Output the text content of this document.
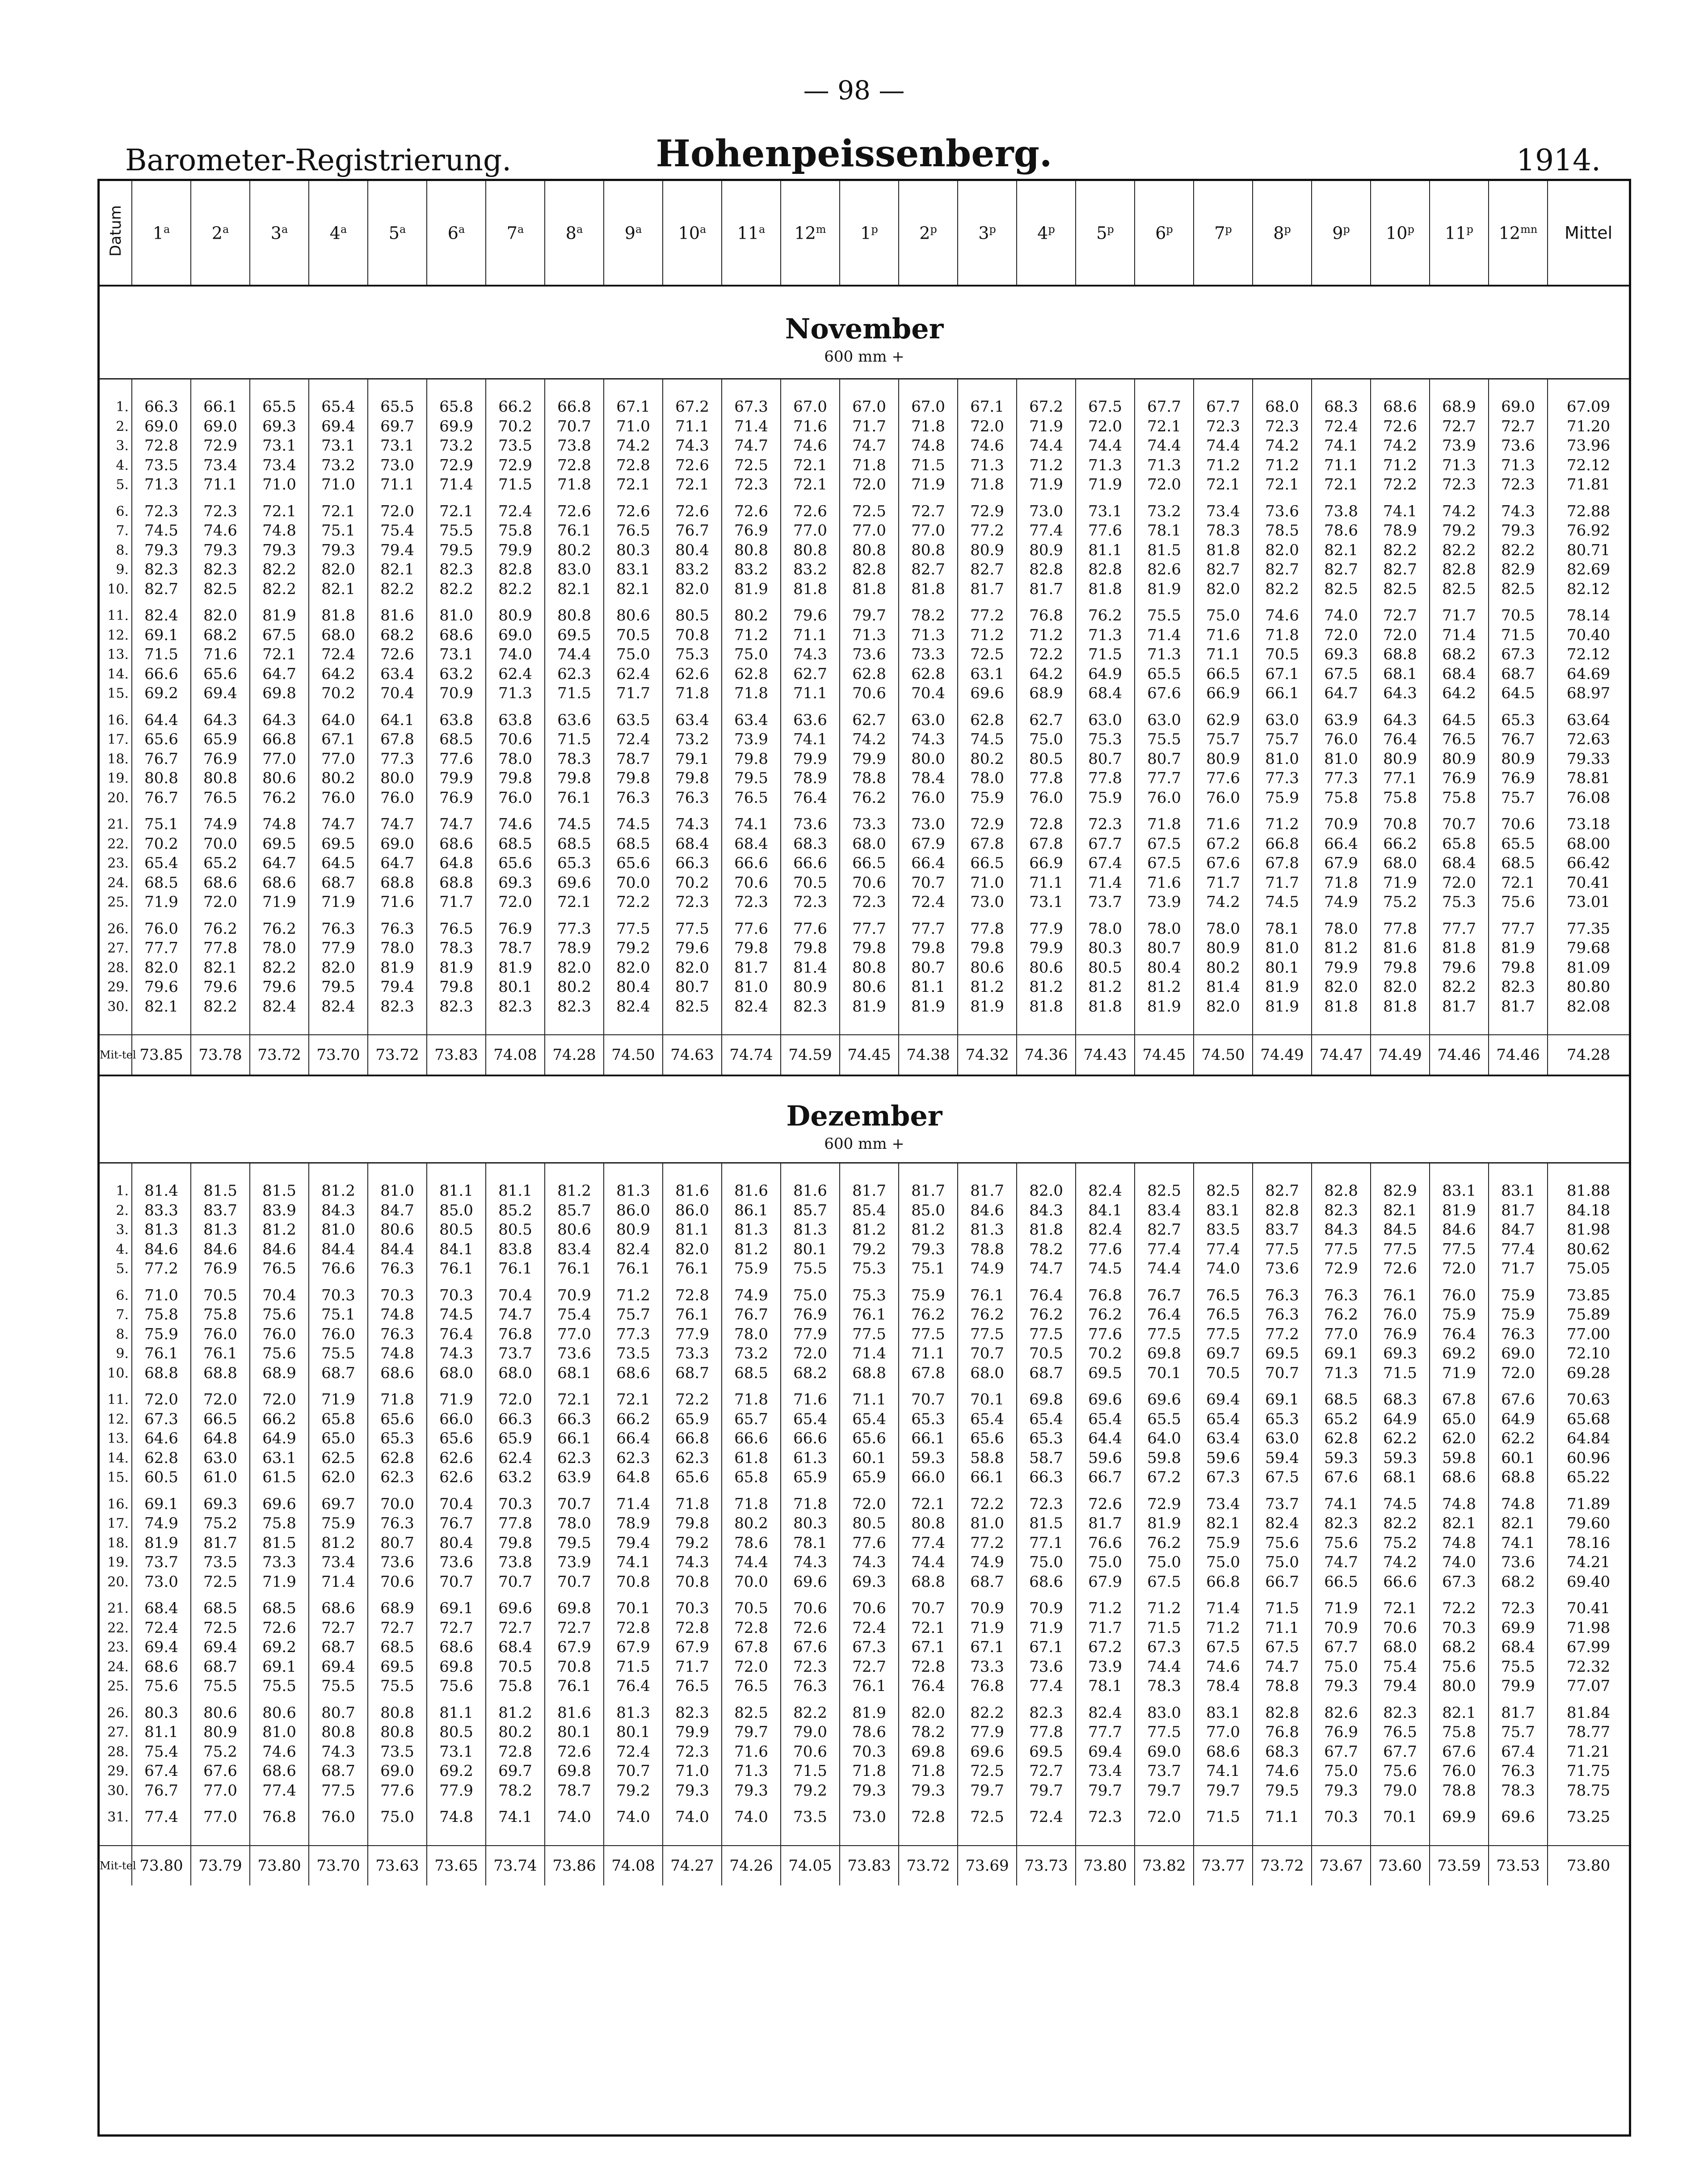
— 98 —
Barometer-Registrierung.	Hohenpeissenberg.	1914.
Datum	1$^a$	2$^a$	3$^a$	4$^a$	5$^a$	6$^a$	7$^a$	8$^a$	9$^a$	10$^a$	11$^a$	12$^m$	1$^p$	2$^p$	3$^p$	4$^p$	5$^p$	6$^p$	7$^p$	8$^p$	9$^p$	10$^p$	11$^p$	$12^{mn}$	Mittel

November
600 mm +																									

1.	66.3	66.1	65.5	65.4	65.5	65.8	66.2	66.8	67.1	67.2	67.3	67.0	67.0	67.0	67.1	67.2	67.5	67.7	67.7	68.0	68.3	68.6	68.9	69.0	67.09
2.	69.0	69.0	69.3	69.4	69.7	69.9	70.2	70.7	71.0	71.1	71.4	71.6	71.7	71.8	72.0	71.9	72.0	72.1	72.3	72.3	72.4	72.6	72.7	72.7	71.20
3.	72.8	72.9	73.1	73.1	73.1	73.2	73.5	73.8	74.2	74.3	74.7	74.6	74.7	74.8	74.6	74.4	74.4	74.4	74.4	74.2	74.1	74.2	73.9	73.6	73.96
4.	73.5	73.4	73.4	73.2	73.0	72.9	72.9	72.8	72.8	72.6	72.5	72.1	71.8	71.5	71.3	71.2	71.3	71.3	71.2	71.2	71.1	71.2	71.3	71.3	72.12
5.	71.3	71.1	71.0	71.0	71.1	71.4	71.5	71.8	72.1	72.1	72.3	72.1	72.0	71.9	71.8	71.9	71.9	72.0	72.1	72.1	72.1	72.2	72.3	72.3	71.81

6.	72.3	72.3	72.1	72.1	72.0	72.1	72.4	72.6	72.6	72.6	72.6	72.6	72.5	72.7	72.9	73.0	73.1	73.2	73.4	73.6	73.8	74.1	74.2	74.3	72.88
7.	74.5	74.6	74.8	75.1	75.4	75.5	75.8	76.1	76.5	76.7	76.9	77.0	77.0	77.0	77.2	77.4	77.6	78.1	78.3	78.5	78.6	78.9	79.2	79.3	76.92
8.	79.3	79.3	79.3	79.3	79.4	79.5	79.9	80.2	80.3	80.4	80.8	80.8	80.8	80.8	80.9	80.9	81.1	81.5	81.8	82.0	82.1	82.2	82.2	82.2	80.71
9.	82.3	82.3	82.2	82.0	82.1	82.3	82.8	83.0	83.1	83.2	83.2	83.2	82.8	82.7	82.7	82.8	82.8	82.6	82.7	82.7	82.7	82.7	82.8	82.9	82.69
10.	82.7	82.5	82.2	82.1	82.2	82.2	82.2	82.1	82.1	82.0	81.9	81.8	81.8	81.8	81.7	81.7	81.8	81.9	82.0	82.2	82.5	82.5	82.5	82.5	82.12

11.	82.4	82.0	81.9	81.8	81.6	81.0	80.9	80.8	80.6	80.5	80.2	79.6	79.7	78.2	77.2	76.8	76.2	75.5	75.0	74.6	74.0	72.7	71.7	70.5	78.14
12.	69.1	68.2	67.5	68.0	68.2	68.6	69.0	69.5	70.5	70.8	71.2	71.1	71.3	71.3	71.2	71.2	71.3	71.4	71.6	71.8	72.0	72.0	71.4	71.5	70.40
13.	71.5	71.6	72.1	72.4	72.6	73.1	74.0	74.4	75.0	75.3	75.0	74.3	73.6	73.3	72.5	72.2	71.5	71.3	71.1	70.5	69.3	68.8	68.2	67.3	72.12
14.	66.6	65.6	64.7	64.2	63.4	63.2	62.4	62.3	62.4	62.6	62.8	62.7	62.8	62.8	63.1	64.2	64.9	65.5	66.5	67.1	67.5	68.1	68.4	68.7	64.69
15.	69.2	69.4	69.8	70.2	70.4	70.9	71.3	71.5	71.7	71.8	71.8	71.1	70.6	70.4	69.6	68.9	68.4	67.6	66.9	66.1	64.7	64.3	64.2	64.5	68.97

16.	64.4	64.3	64.3	64.0	64.1	63.8	63.8	63.6	63.5	63.4	63.4	63.6	62.7	63.0	62.8	62.7	63.0	63.0	62.9	63.0	63.9	64.3	64.5	65.3	63.64
17.	65.6	65.9	66.8	67.1	67.8	68.5	70.6	71.5	72.4	73.2	73.9	74.1	74.2	74.3	74.5	75.0	75.3	75.5	75.7	75.7	76.0	76.4	76.5	76.7	72.63
18.	76.7	76.9	77.0	77.0	77.3	77.6	78.0	78.3	78.7	79.1	79.8	79.9	79.9	80.0	80.2	80.5	80.7	80.7	80.9	81.0	81.0	80.9	80.9	80.9	79.33
19.	80.8	80.8	80.6	80.2	80.0	79.9	79.8	79.8	79.8	79.8	79.5	78.9	78.8	78.4	78.0	77.8	77.8	77.7	77.6	77.3	77.3	77.1	76.9	76.9	78.81
20.	76.7	76.5	76.2	76.0	76.0	76.9	76.0	76.1	76.3	76.3	76.5	76.4	76.2	76.0	75.9	76.0	75.9	76.0	76.0	75.9	75.8	75.8	75.8	75.7	76.08

21.	75.1	74.9	74.8	74.7	74.7	74.7	74.6	74.5	74.5	74.3	74.1	73.6	73.3	73.0	72.9	72.8	72.3	71.8	71.6	71.2	70.9	70.8	70.7	70.6	73.18
22.	70.2	70.0	69.5	69.5	69.0	68.6	68.5	68.5	68.5	68.4	68.4	68.3	68.0	67.9	67.8	67.8	67.7	67.5	67.2	66.8	66.4	66.2	65.8	65.5	68.00
23.	65.4	65.2	64.7	64.5	64.7	64.8	65.6	65.3	65.6	66.3	66.6	66.6	66.5	66.4	66.5	66.9	67.4	67.5	67.6	67.8	67.9	68.0	68.4	68.5	66.42
24.	68.5	68.6	68.6	68.7	68.8	68.8	69.3	69.6	70.0	70.2	70.6	70.5	70.6	70.7	71.0	71.1	71.4	71.6	71.7	71.7	71.8	71.9	72.0	72.1	70.41
25.	71.9	72.0	71.9	71.9	71.6	71.7	72.0	72.1	72.2	72.3	72.3	72.3	72.3	72.4	73.0	73.1	73.7	73.9	74.2	74.5	74.9	75.2	75.3	75.6	73.01

26.	76.0	76.2	76.2	76.3	76.3	76.5	76.9	77.3	77.5	77.5	77.6	77.6	77.7	77.7	77.8	77.9	78.0	78.0	78.0	78.1	78.0	77.8	77.7	77.7	77.35
27.	77.7	77.8	78.0	77.9	78.0	78.3	78.7	78.9	79.2	79.6	79.8	79.8	79.8	79.8	79.8	79.9	80.3	80.7	80.9	81.0	81.2	81.6	81.8	81.9	79.68
28.	82.0	82.1	82.2	82.0	81.9	81.9	81.9	82.0	82.0	82.0	81.7	81.4	80.8	80.7	80.6	80.6	80.5	80.4	80.2	80.1	79.9	79.8	79.6	79.8	81.09
29.	79.6	79.6	79.6	79.5	79.4	79.8	80.1	80.2	80.4	80.7	81.0	80.9	80.6	81.1	81.2	81.2	81.2	81.2	81.4	81.9	82.0	82.0	82.2	82.3	80.80
30.	82.1	82.2	82.4	82.4	82.3	82.3	82.3	82.3	82.4	82.5	82.4	82.3	81.9	81.9	81.9	81.8	81.8	81.9	82.0	81.9	81.8	81.8	81.7	81.7	82.08

Mit-tel	73.85	73.78	73.72	73.70	73.72	73.83	74.08	74.28	74.50	74.63	74.74	74.59	74.45	74.38	74.32	74.36	74.43	74.45	74.50	74.49	74.47	74.49	74.46	74.46	74.28

Dezember
600 mm +																									

1.	81.4	81.5	81.5	81.2	81.0	81.1	81.1	81.2	81.3	81.6	81.6	81.6	81.7	81.7	81.7	82.0	82.4	82.5	82.5	82.7	82.8	82.9	83.1	83.1	81.88
2.	83.3	83.7	83.9	84.3	84.7	85.0	85.2	85.7	86.0	86.0	86.1	85.7	85.4	85.0	84.6	84.3	84.1	83.4	83.1	82.8	82.3	82.1	81.9	81.7	84.18
3.	81.3	81.3	81.2	81.0	80.6	80.5	80.5	80.6	80.9	81.1	81.3	81.3	81.2	81.2	81.3	81.8	82.4	82.7	83.5	83.7	84.3	84.5	84.6	84.7	81.98
4.	84.6	84.6	84.6	84.4	84.4	84.1	83.8	83.4	82.4	82.0	81.2	80.1	79.2	79.3	78.8	78.2	77.6	77.4	77.4	77.5	77.5	77.5	77.5	77.4	80.62
5.	77.2	76.9	76.5	76.6	76.3	76.1	76.1	76.1	76.1	76.1	75.9	75.5	75.3	75.1	74.9	74.7	74.5	74.4	74.0	73.6	72.9	72.6	72.0	71.7	75.05

6.	71.0	70.5	70.4	70.3	70.3	70.3	70.4	70.9	71.2	72.8	74.9	75.0	75.3	75.9	76.1	76.4	76.8	76.7	76.5	76.3	76.3	76.1	76.0	75.9	73.85
7.	75.8	75.8	75.6	75.1	74.8	74.5	74.7	75.4	75.7	76.1	76.7	76.9	76.1	76.2	76.2	76.2	76.2	76.4	76.5	76.3	76.2	76.0	75.9	75.9	75.89
8.	75.9	76.0	76.0	76.0	76.3	76.4	76.8	77.0	77.3	77.9	78.0	77.9	77.5	77.5	77.5	77.5	77.6	77.5	77.5	77.2	77.0	76.9	76.4	76.3	77.00
9.	76.1	76.1	75.6	75.5	74.8	74.3	73.7	73.6	73.5	73.3	73.2	72.0	71.4	71.1	70.7	70.5	70.2	69.8	69.7	69.5	69.1	69.3	69.2	69.0	72.10
10.	68.8	68.8	68.9	68.7	68.6	68.0	68.0	68.1	68.6	68.7	68.5	68.2	68.8	67.8	68.0	68.7	69.5	70.1	70.5	70.7	71.3	71.5	71.9	72.0	69.28

11.	72.0	72.0	72.0	71.9	71.8	71.9	72.0	72.1	72.1	72.2	71.8	71.6	71.1	70.7	70.1	69.8	69.6	69.6	69.4	69.1	68.5	68.3	67.8	67.6	70.63
12.	67.3	66.5	66.2	65.8	65.6	66.0	66.3	66.3	66.2	65.9	65.7	65.4	65.4	65.3	65.4	65.4	65.4	65.5	65.4	65.3	65.2	64.9	65.0	64.9	65.68
13.	64.6	64.8	64.9	65.0	65.3	65.6	65.9	66.1	66.4	66.8	66.6	66.6	65.6	66.1	65.6	65.3	64.4	64.0	63.4	63.0	62.8	62.2	62.0	62.2	64.84
14.	62.8	63.0	63.1	62.5	62.8	62.6	62.4	62.3	62.3	62.3	61.8	61.3	60.1	59.3	58.8	58.7	59.6	59.8	59.6	59.4	59.3	59.3	59.8	60.1	60.96
15.	60.5	61.0	61.5	62.0	62.3	62.6	63.2	63.9	64.8	65.6	65.8	65.9	65.9	66.0	66.1	66.3	66.7	67.2	67.3	67.5	67.6	68.1	68.6	68.8	65.22

16.	69.1	69.3	69.6	69.7	70.0	70.4	70.3	70.7	71.4	71.8	71.8	71.8	72.0	72.1	72.2	72.3	72.6	72.9	73.4	73.7	74.1	74.5	74.8	74.8	71.89
17.	74.9	75.2	75.8	75.9	76.3	76.7	77.8	78.0	78.9	79.8	80.2	80.3	80.5	80.8	81.0	81.5	81.7	81.9	82.1	82.4	82.3	82.2	82.1	82.1	79.60
18.	81.9	81.7	81.5	81.2	80.7	80.4	79.8	79.5	79.4	79.2	78.6	78.1	77.6	77.4	77.2	77.1	76.6	76.2	75.9	75.6	75.6	75.2	74.8	74.1	78.16
19.	73.7	73.5	73.3	73.4	73.6	73.6	73.8	73.9	74.1	74.3	74.4	74.3	74.3	74.4	74.9	75.0	75.0	75.0	75.0	75.0	74.7	74.2	74.0	73.6	74.21
20.	73.0	72.5	71.9	71.4	70.6	70.7	70.7	70.7	70.8	70.8	70.0	69.6	69.3	68.8	68.7	68.6	67.9	67.5	66.8	66.7	66.5	66.6	67.3	68.2	69.40

21.	68.4	68.5	68.5	68.6	68.9	69.1	69.6	69.8	70.1	70.3	70.5	70.6	70.6	70.7	70.9	70.9	71.2	71.2	71.4	71.5	71.9	72.1	72.2	72.3	70.41
22.	72.4	72.5	72.6	72.7	72.7	72.7	72.7	72.7	72.8	72.8	72.8	72.6	72.4	72.1	71.9	71.9	71.7	71.5	71.2	71.1	70.9	70.6	70.3	69.9	71.98
23.	69.4	69.4	69.2	68.7	68.5	68.6	68.4	67.9	67.9	67.9	67.8	67.6	67.3	67.1	67.1	67.1	67.2	67.3	67.5	67.5	67.7	68.0	68.2	68.4	67.99
24.	68.6	68.7	69.1	69.4	69.5	69.8	70.5	70.8	71.5	71.7	72.0	72.3	72.7	72.8	73.3	73.6	73.9	74.4	74.6	74.7	75.0	75.4	75.6	75.5	72.32
25.	75.6	75.5	75.5	75.5	75.5	75.6	75.8	76.1	76.4	76.5	76.5	76.3	76.1	76.4	76.8	77.4	78.1	78.3	78.4	78.8	79.3	79.4	80.0	79.9	77.07

26.	80.3	80.6	80.6	80.7	80.8	81.1	81.2	81.6	81.3	82.3	82.5	82.2	81.9	82.0	82.2	82.3	82.4	83.0	83.1	82.8	82.6	82.3	82.1	81.7	81.84
27.	81.1	80.9	81.0	80.8	80.8	80.5	80.2	80.1	80.1	79.9	79.7	79.0	78.6	78.2	77.9	77.8	77.7	77.5	77.0	76.8	76.9	76.5	75.8	75.7	78.77
28.	75.4	75.2	74.6	74.3	73.5	73.1	72.8	72.6	72.4	72.3	71.6	70.6	70.3	69.8	69.6	69.5	69.4	69.0	68.6	68.3	67.7	67.7	67.6	67.4	71.21
29.	67.4	67.6	68.6	68.7	69.0	69.2	69.7	69.8	70.7	71.0	71.3	71.5	71.8	71.8	72.5	72.7	73.4	73.7	74.1	74.6	75.0	75.6	76.0	76.3	71.75
30.	76.7	77.0	77.4	77.5	77.6	77.9	78.2	78.7	79.2	79.3	79.3	79.2	79.3	79.3	79.7	79.7	79.7	79.7	79.7	79.5	79.3	79.0	78.8	78.3	78.75

31.	77.4	77.0	76.8	76.0	75.0	74.8	74.1	74.0	74.0	74.0	74.0	73.5	73.0	72.8	72.5	72.4	72.3	72.0	71.5	71.1	70.3	70.1	69.9	69.6	73.25

Mit-tel	73.80	73.79	73.80	73.70	73.63	73.65	73.74	73.86	74.08	74.27	74.26	74.05	73.83	73.72	73.69	73.73	73.80	73.82	73.77	73.72	73.67	73.60	73.59	73.53	73.80
